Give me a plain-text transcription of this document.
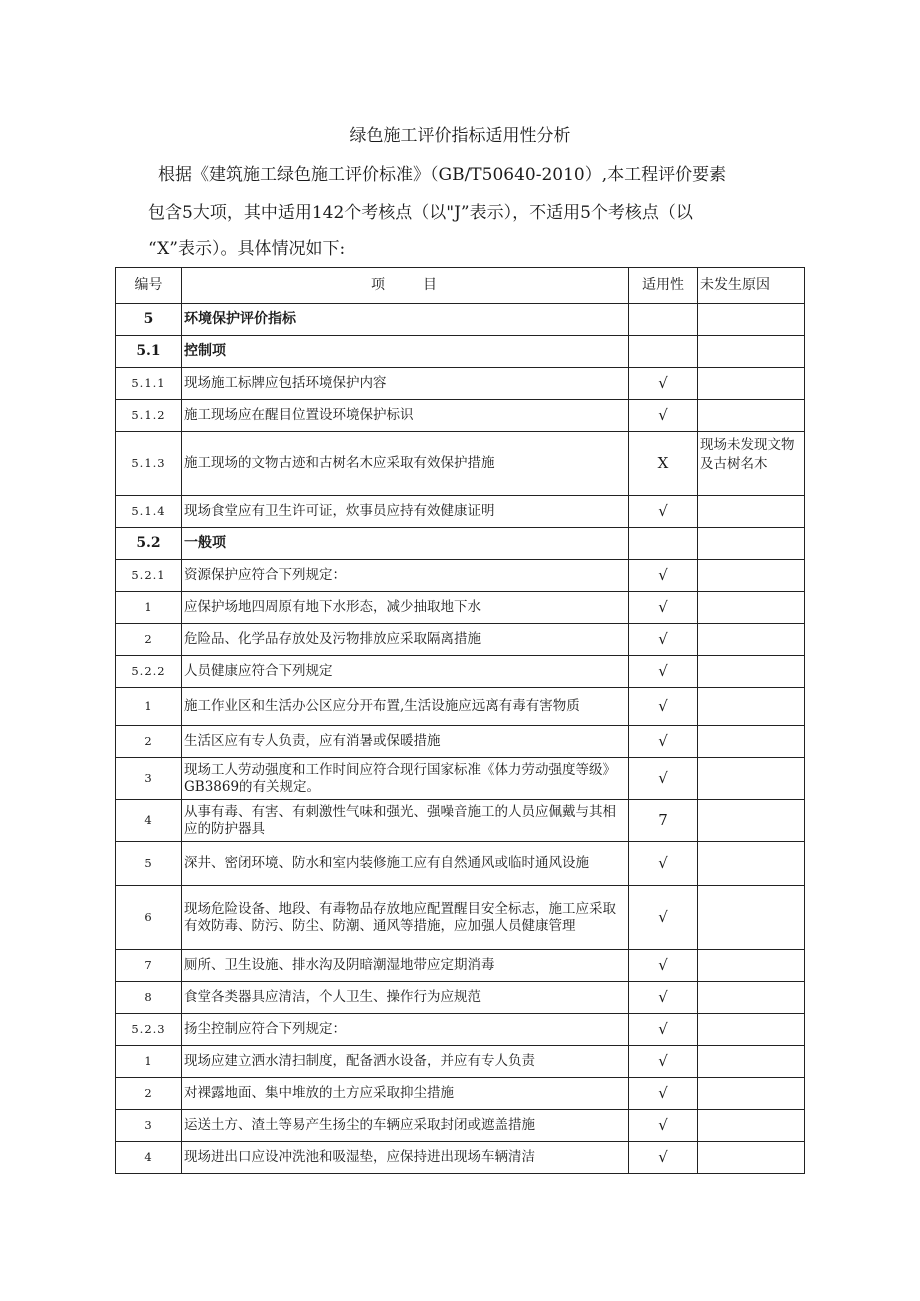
绿色施工评价指标适用性分析
根据《建筑施工绿色施工评价标准》（GB/T50640-2010）,本工程评价要素
包含5大项，其中适用142个考核点（以"J”表示），不适用5个考核点（以
“X”表示）。具体情况如下:
编号	项目	适用性	未发生原因
5	环境保护评价指标		
5.1	控制项		
5.1.1	现场施工标牌应包括环境保护内容	√	
5.1.2	施工现场应在醒目位置设环境保护标识	√	
5.1.3	施工现场的文物古迹和古树名木应采取有效保护措施	X	现场未发现文物及古树名木
5.1.4	现场食堂应有卫生许可证，炊事员应持有效健康证明	√	
5.2	一般项		
5.2.1	资源保护应符合下列规定：	√	
1	应保护场地四周原有地下水形态，减少抽取地下水	√	
2	危险品、化学品存放处及污物排放应采取隔离措施	√	
5.2.2	人员健康应符合下列规定	√	
1	施工作业区和生活办公区应分开布置,生活设施应远离有毒有害物质	√	
2	生活区应有专人负责，应有消暑或保暖措施	√	
3	现场工人劳动强度和工作时间应符合现行国家标准《体力劳动强度等级》GB3869的有关规定。	√	
4	从事有毒、有害、有刺激性气味和强光、强噪音施工的人员应佩戴与其相应的防护器具	7	
5	深井、密闭环境、防水和室内装修施工应有自然通风或临时通风设施	√	
6	现场危险设备、地段、有毒物品存放地应配置醒目安全标志，施工应采取有效防毒、防污、防尘、防潮、通风等措施，应加强人员健康管理	√	
7	厕所、卫生设施、排水沟及阴暗潮湿地带应定期消毒	√	
8	食堂各类器具应清洁，个人卫生、操作行为应规范	√	
5.2.3	扬尘控制应符合下列规定：	√	
1	现场应建立洒水清扫制度，配备洒水设备，并应有专人负责	√	
2	对裸露地面、集中堆放的土方应采取抑尘措施	√	
3	运送土方、渣土等易产生扬尘的车辆应采取封闭或遮盖措施	√	
4	现场进出口应设冲洗池和吸湿垫，应保持进出现场车辆清洁	√	
